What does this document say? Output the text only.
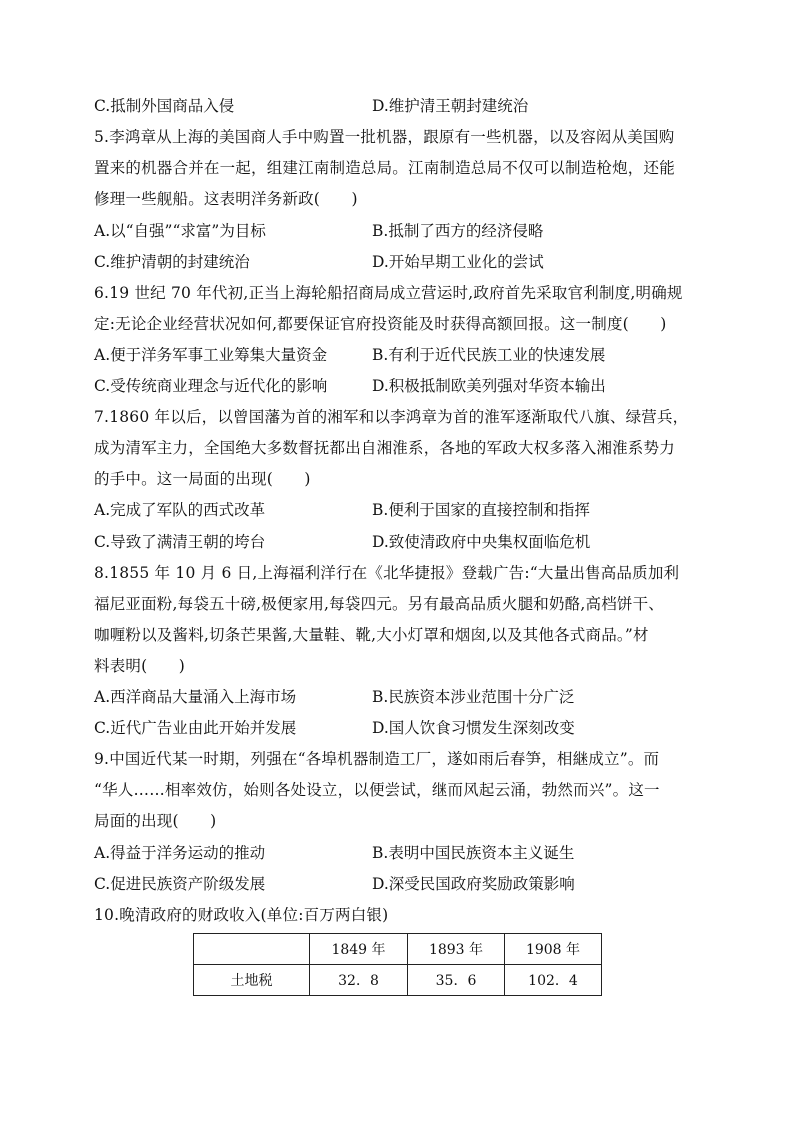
C.抵制外国商品入侵	D.维护清王朝封建统治
5.李鸿章从上海的美国商人手中购置一批机器，跟原有一些机器，以及容闳从美国购
置来的机器合并在一起，组建江南制造总局。江南制造总局不仅可以制造枪炮，还能
修理一些舰船。这表明洋务新政(　　)
A.以“自强”“求富”为目标	B.抵制了西方的经济侵略
C.维护清朝的封建统治	D.开始早期工业化的尝试
6.19 世纪 70 年代初,正当上海轮船招商局成立营运时,政府首先采取官利制度,明确规
定:无论企业经营状况如何,都要保证官府投资能及时获得高额回报。这一制度(　　)
A.便于洋务军事工业筹集大量资金	B.有利于近代民族工业的快速发展
C.受传统商业理念与近代化的影响	D.积极抵制欧美列强对华资本输出
7.1860 年以后，以曾国藩为首的湘军和以李鸿章为首的淮军逐渐取代八旗、绿营兵，
成为清军主力，全国绝大多数督抚都出自湘淮系，各地的军政大权多落入湘淮系势力
的手中。这一局面的出现(　　)
A.完成了军队的西式改革	B.便利于国家的直接控制和指挥
C.导致了满清王朝的垮台	D.致使清政府中央集权面临危机
8.1855 年 10 月 6 日,上海福利洋行在《北华捷报》登载广告:“大量出售高品质加利
福尼亚面粉,每袋五十磅,极便家用,每袋四元。另有最高品质火腿和奶酪,高档饼干、
咖喱粉以及酱料,切条芒果酱,大量鞋、靴,大小灯罩和烟囱,以及其他各式商品。”材
料表明(　　)
A.西洋商品大量涌入上海市场	B.民族资本涉业范围十分广泛
C.近代广告业由此开始并发展	D.国人饮食习惯发生深刻改变
9.中国近代某一时期，列强在“各埠机器制造工厂，遂如雨后春笋，相継成立”。而
“华人……相率效仿，始则各处设立，以便尝试，继而风起云涌，勃然而兴”。这一
局面的出现(　　)
A.得益于洋务运动的推动	B.表明中国民族资本主义诞生
C.促进民族资产阶级发展	D.深受民国政府奖励政策影响
10.晚清政府的财政收入(单位:百万两白银)
	1849 年	1893 年	1908 年
土地税	32．8	35．6	102．4
